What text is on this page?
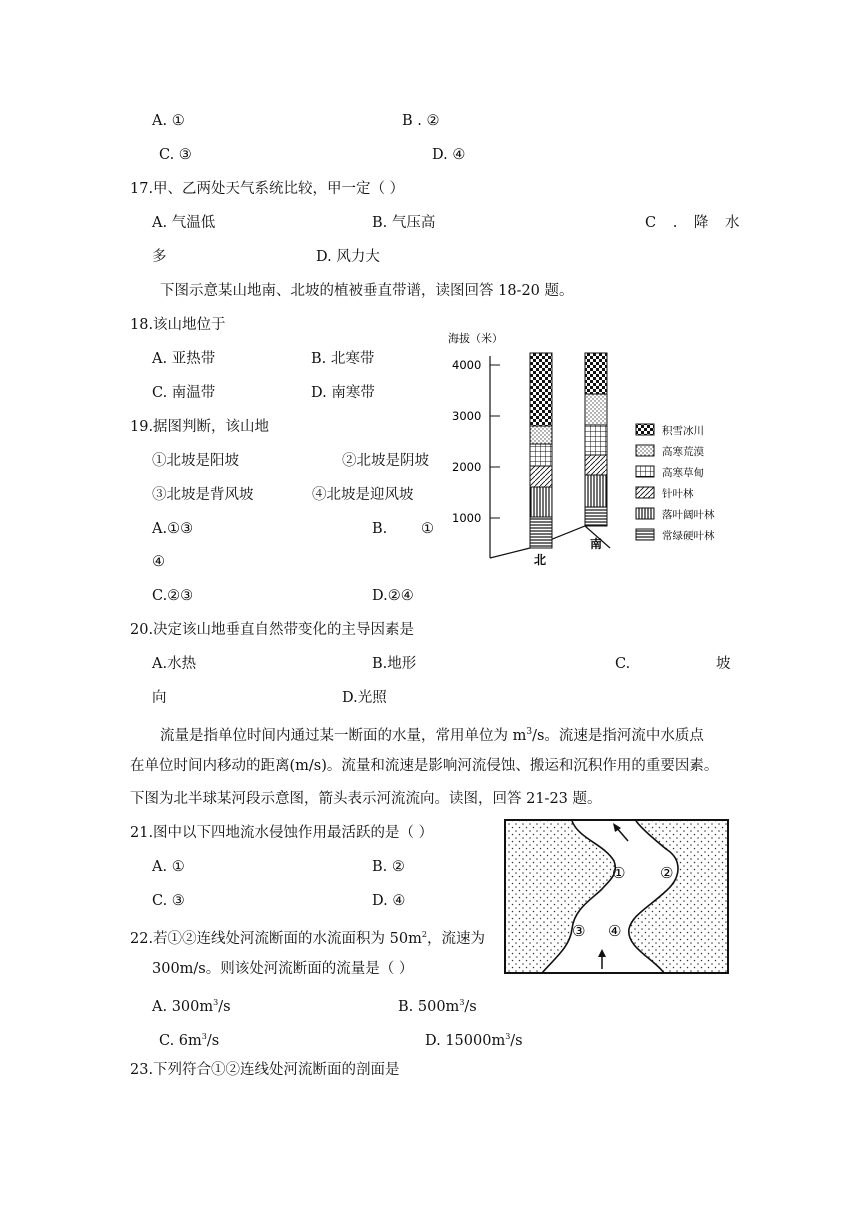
A. ①	B . ②
C. ③	D. ④
17.甲、乙两处天气系统比较，甲一定（ ）
A. 气温低	B. 气压高	C . 降 水
多	D. 风力大
下图示意某山地南、北坡的植被垂直带谱，读图回答 18-20 题。
18.该山地位于
A. 亚热带	B. 北寒带
C. 南温带	D. 南寒带
19.据图判断，该山地
①北坡是阳坡	②北坡是阴坡
③北坡是背风坡	④北坡是迎风坡
A.①③	B. ①
④
C.②③	D.②④
海拔（米）
4000
3000
2000
1000
北
南
积雪冰川
高寒荒漠
高寒草甸
针叶林
落叶阔叶林
常绿硬叶林
20.决定该山地垂直自然带变化的主导因素是
A.水热	B.地形	C.	坡
向	D.光照
流量是指单位时间内通过某一断面的水量，常用单位为 $m^3/s$。流速是指河流中水质点
在单位时间内移动的距离(m/s)。流量和流速是影响河流侵蚀、搬运和沉积作用的重要因素。
下图为北半球某河段示意图，箭头表示河流流向。读图，回答 21-23 题。
21.图中以下四地流水侵蚀作用最活跃的是（ ）
A. ①	B. ②
C. ③	D. ④
① ②
③ ④
22.若①②连线处河流断面的水流面积为 $50m^2$，流速为
300m/s。则该处河流断面的流量是（ ）
A. $300m^3/s$	B. $500m^3/s$
C. $6m^3/s$	D. $15000m^3/s$
23.下列符合①②连线处河流断面的剖面是
